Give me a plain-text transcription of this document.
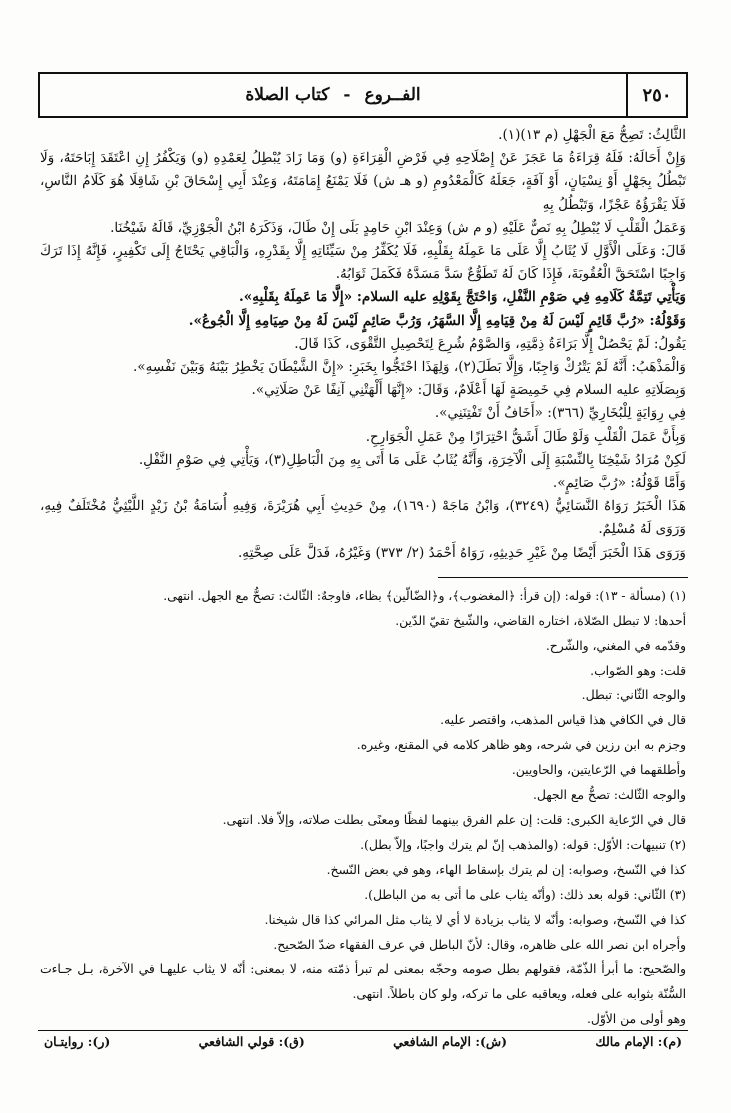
٢٥٠
الفــروع
-
كتاب الصلاة

الثَّالِثُ: تَصِحُّ مَعَ الْجَهْلِ (م ١٣)(١).

وَإِنْ أَحَالَهُ: فَلَهُ قِرَاءَةُ مَا عَجَزَ عَنْ إِصْلَاحِهِ فِي فَرْضِ الْقِرَاءَةِ (و) وَمَا زَادَ يُبْطِلُ لِعَمْدِهِ (و) وَيَكْفُرُ إِنِ اعْتَقَدَ إِبَاحَتَهُ، وَلَا تَبْطُلُ بِجَهْلٍ أَوْ نِسْيَانٍ، أَوْ آفَةٍ، جَعَلَهُ كَالْمَعْدُومِ (و هـ ش) فَلَا يَمْنَعُ إِمَامَتَهُ، وَعِنْدَ أَبِي إِسْحَاقَ بْنِ شَاقِلَا هُوَ كَلَامُ النَّاسِ، فَلَا يَقْرَؤُهُ عَجْزًا، وَتَبْطُلُ بِهِ

وَعَمَلُ الْقَلْبِ لَا يُبْطِلُ بِهِ نَصٌّ عَلَيْهِ (و م ش) وَعِنْدَ ابْنِ حَامِدٍ بَلَى إِنْ طَالَ، وَذَكَرَهُ ابْنُ الْجَوْزِيِّ، قَالَهُ شَيْخُنَا.

قَالَ: وَعَلَى الْأَوَّلِ لَا يُثَابُ إِلَّا عَلَى مَا عَمِلَهُ بِقَلْبِهِ، فَلَا يُكَفِّرُ مِنْ سَيِّئَاتِهِ إِلَّا بِقَدْرِهِ، وَالْبَاقِي يَحْتَاجُ إِلَى تَكْفِيرٍ، فَإِنَّهُ إِذَا تَرَكَ وَاجِبًا اسْتَحَقَّ الْعُقُوبَةَ، فَإِذَا كَانَ لَهُ تَطَوُّعٌ سَدَّ مَسَدَّهُ فَكَمَلَ ثَوَابُهُ.

وَيَأْتِي تَتِمَّةُ كَلَامِهِ فِي صَوْمِ النَّفْلِ، وَاحْتَجَّ بِقَوْلِهِ عليه السلام: «إِلَّا مَا عَمِلَهُ بِقَلْبِهِ».

وَقَوْلُهُ: «رُبَّ قَائِمٍ لَيْسَ لَهُ مِنْ قِيَامِهِ إِلَّا السَّهَرُ، وَرُبَّ صَائِمٍ لَيْسَ لَهُ مِنْ صِيَامِهِ إِلَّا الْجُوعُ».

يَقُولُ: لَمْ يَحْصُلْ إِلَّا بَرَاءَةُ ذِمَّتِهِ، وَالصَّوْمُ شُرِعَ لِتَحْصِيلِ التَّقْوَى، كَذَا قَالَ.

وَالْمَذْهَبُ: أَنَّهُ لَمْ يَتْرُكْ وَاجِبًا، وَإِلَّا بَطَلَ(٢)، وَلِهَذَا احْتَجُّوا بِخَبَرِ: «إِنَّ الشَّيْطَانَ يَخْطِرُ بَيْنَهُ وَبَيْنَ نَفْسِهِ».

وَبِصَلَاتِهِ عليه السلام فِي خَمِيصَةٍ لَهَا أَعْلَامٌ، وَقَالَ: «إِنَّهَا أَلْهَتْنِي آنِفًا عَنْ صَلَاتِي».

فِي رِوَايَةٍ لِلْبُخَارِيِّ (٣٦٦): «أَخَافُ أَنْ تَفْتِنَنِي».

وَبِأَنَّ عَمَلَ الْقَلْبِ وَلَوْ طَالَ أَشَقُّ احْتِرَازًا مِنْ عَمَلِ الْجَوَارِحِ.

لَكِنْ مُرَادُ شَيْخِنَا بِالنِّسْبَةِ إِلَى الْآخِرَةِ، وَأَنَّهُ يُثَابُ عَلَى مَا أَتَى بِهِ مِنَ الْبَاطِلِ(٣)، وَيَأْتِي فِي صَوْمِ النَّفْلِ.

وَأَمَّا قَوْلُهُ: «رُبَّ صَائِمٍ».

هَذَا الْخَبَرُ رَوَاهُ النَّسَائِيُّ (٣٢٤٩)، وَابْنُ مَاجَهْ (١٦٩٠)، مِنْ حَدِيثِ أَبِي هُرَيْرَةَ، وَفِيهِ أُسَامَةُ بْنُ زَيْدٍ اللَّيْثِيُّ مُخْتَلَفٌ فِيهِ، وَرَوَى لَهُ مُسْلِمٌ.

وَرَوَى هَذَا الْخَبَرَ أَيْضًا مِنْ غَيْرِ حَدِيثِهِ، رَوَاهُ أَحْمَدُ (٢/ ٣٧٣) وَغَيْرُهُ، فَدَلَّ عَلَى صِحَّتِهِ.

(١) (مسألة - ١٣): قوله: (إن قرأ: ﴿المغضوب﴾، و﴿الضّالّين﴾ بظاء، فاوجهٌ: الثّالث: تصحُّ مع الجهل. انتهى.

أحدها: لا تبطل الصّلاة، اختاره القاضي، والشّيخ تقيّ الدّين.

وقدّمه في المغني، والشّرح.

قلت: وهو الصّواب.

والوجه الثّاني: تبطل.

قال في الكافي هذا قياس المذهب، واقتصر عليه.

وجزم به ابن رزين في شرحه، وهو ظاهر كلامه في المقنع، وغيره.

وأطلقهما في الرّعايتين، والحاويين.

والوجه الثّالث: تصحُّ مع الجهل.

قال في الرّعاية الكبرى: قلت: إن علم الفرق بينهما لفظًا ومعنًى بطلت صلاته، وإلاّ فلا. انتهى.

(٢) تنبيهات: الأوّل: قوله: (والمذهب إنّ لم يترك واجبًا، وإلاّ بطل).

كذا في النّسخ، وصوابه: إن لم يترك بإسقاط الهاء، وهو في بعض النّسخ.

(٣) الثّاني: قوله بعد ذلك: (وأنّه يثاب على ما أتى به من الباطل).

كذا في النّسخ، وصوابه: وأنّه لا يثاب بزيادة لا أي لا يثاب مثل المرائي كذا قال شيخنا.

وأجراه ابن نصر الله على ظاهره، وقال: لأنّ الباطل في عرف الفقهاء ضدّ الصّحيح.

والصّحيح: ما أبرأ الذّمّة، فقولهم بطل صومه وحجّه بمعنى لم تبرأ ذمّته منه، لا بمعنى: أنّه لا يثاب عليهـا في الآخرة، بـل جـاءت السُّنّة بثوابه على فعله، ويعاقبه على ما تركه، ولو كان باطلاً. انتهى.

وهو أولى من الأوّل.

(م): الإمام مالك
(ش): الإمام الشافعي
(ق): قولي الشافعي
(ر): روايتـان
